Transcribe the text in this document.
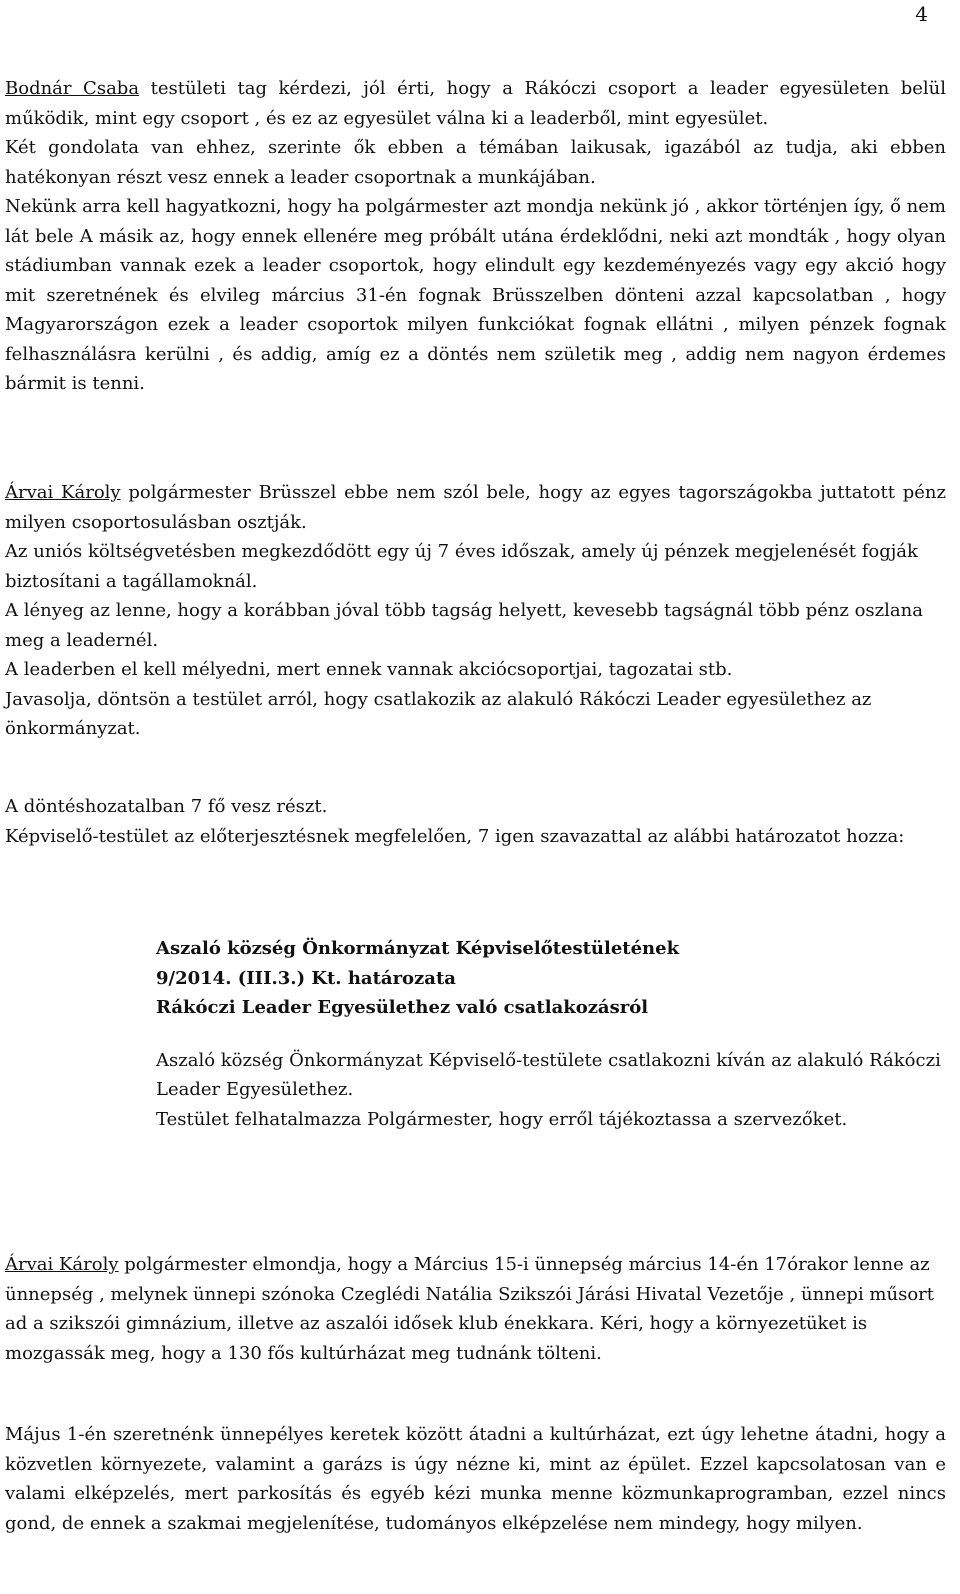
4

Bodnár Csaba testületi tag kérdezi, jól érti, hogy a Rákóczi csoport a leader egyesületen belül működik, mint egy csoport , és ez az egyesület válna ki a leaderből, mint egyesület.

Két gondolata van ehhez, szerinte ők ebben a témában laikusak, igazából az tudja, aki ebben hatékonyan részt vesz ennek a leader csoportnak a munkájában.

Nekünk arra kell hagyatkozni, hogy ha polgármester azt mondja nekünk jó , akkor történjen így, ő nem lát bele A másik az, hogy ennek ellenére meg próbált utána érdeklődni, neki azt mondták , hogy olyan stádiumban vannak ezek a leader csoportok, hogy elindult egy kezdeményezés vagy egy akció hogy mit szeretnének és elvileg március 31-én fognak Brüsszelben dönteni azzal kapcsolatban , hogy Magyarországon ezek a leader csoportok milyen funkciókat fognak ellátni , milyen pénzek fognak felhasználásra kerülni , és addig, amíg ez a döntés nem születik meg , addig nem nagyon érdemes bármit is tenni.

Árvai Károly polgármester Brüsszel ebbe nem szól bele, hogy az egyes tagországokba juttatott pénz milyen csoportosulásban osztják.

Az uniós költségvetésben megkezdődött egy új 7 éves időszak, amely új pénzek megjelenését fogják biztosítani a tagállamoknál.

A lényeg az lenne, hogy a korábban jóval több tagság helyett, kevesebb tagságnál több pénz oszlana meg a leadernél.

A leaderben el kell mélyedni, mert ennek vannak akciócsoportjai, tagozatai stb.

Javasolja, döntsön a testület arról, hogy csatlakozik az alakuló Rákóczi Leader egyesülethez az önkormányzat.

A döntéshozatalban 7 fő vesz részt.

Képviselő-testület az előterjesztésnek megfelelően, 7 igen szavazattal az alábbi határozatot hozza:

Aszaló község Önkormányzat Képviselőtestületének
9/2014. (III.3.) Kt. határozata
Rákóczi Leader Egyesülethez való csatlakozásról

Aszaló község Önkormányzat Képviselő-testülete csatlakozni kíván az alakuló Rákóczi Leader Egyesülethez.

Testület felhatalmazza Polgármester, hogy erről tájékoztassa a szervezőket.

Árvai Károly polgármester elmondja, hogy a Március 15-i ünnepség március 14-én 17órakor lenne az ünnepség , melynek ünnepi szónoka Czeglédi Natália Szikszói Járási Hivatal Vezetője , ünnepi műsort ad a szikszói gimnázium, illetve az aszalói idősek klub énekkara. Kéri, hogy a környezetüket is mozgassák meg, hogy a 130 fős kultúrházat meg tudnánk tölteni.

Május 1-én szeretnénk ünnepélyes keretek között átadni a kultúrházat, ezt úgy lehetne átadni, hogy a közvetlen környezete, valamint a garázs is úgy nézne ki, mint az épület. Ezzel kapcsolatosan van e valami elképzelés, mert parkosítás és egyéb kézi munka menne közmunkaprogramban, ezzel nincs gond, de ennek a szakmai megjelenítése, tudományos elképzelése nem mindegy, hogy milyen.
